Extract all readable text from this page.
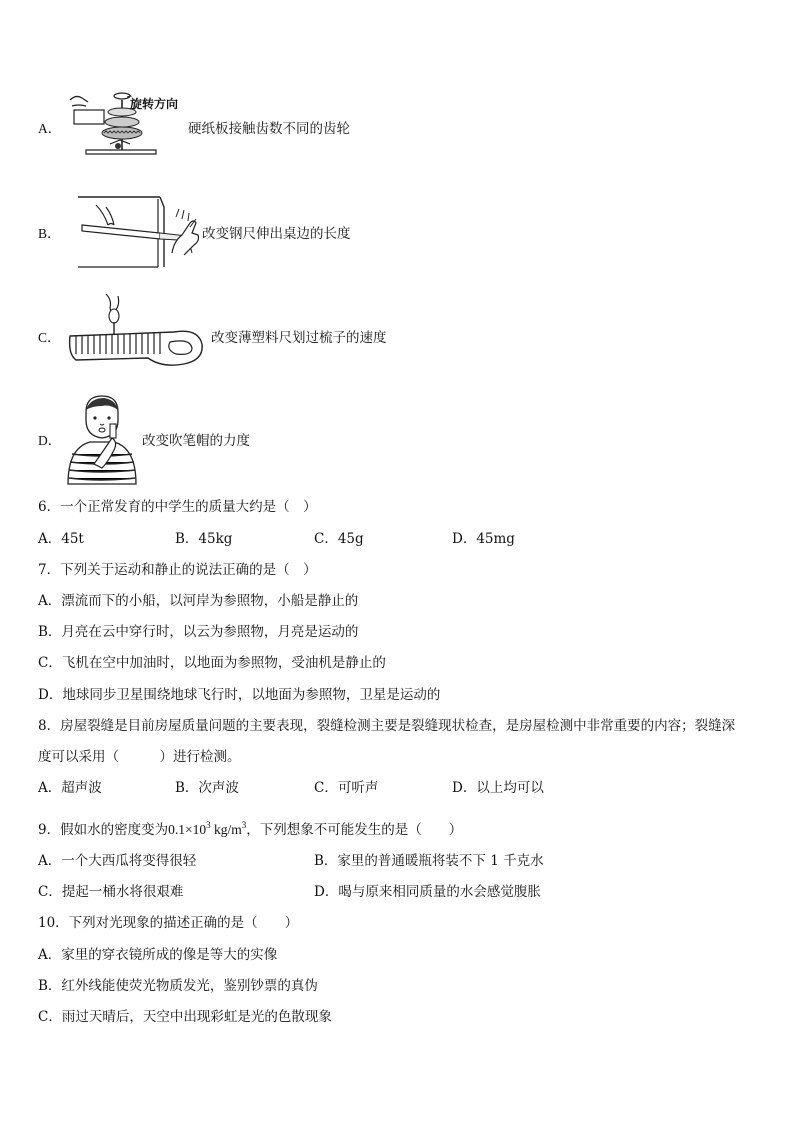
A．
旋转方向
硬纸板接触齿数不同的齿轮
B．	改变钢尺伸出桌边的长度
C．	改变薄塑料尺划过梳子的速度
D．	改变吹笔帽的力度
6．一个正常发育的中学生的质量大约是（　）
A．45t	B．45kg	C．45g	D．45mg
7．下列关于运动和静止的说法正确的是（　）
A．漂流而下的小船，以河岸为参照物，小船是静止的
B．月亮在云中穿行时，以云为参照物，月亮是运动的
C．飞机在空中加油时，以地面为参照物，受油机是静止的
D．地球同步卫星围绕地球飞行时，以地面为参照物，卫星是运动的
8．房屋裂缝是目前房屋质量问题的主要表现，裂缝检测主要是裂缝现状检查，是房屋检测中非常重要的内容；裂缝深
度可以采用（　　　）进行检测。
A．超声波	B．次声波	C．可听声	D．以上均可以
9．假如水的密度变为$0.1\times 10^3$ $kg/m^3$，下列想象不可能发生的是（　　）
A．一个大西瓜将变得很轻	B．家里的普通暖瓶将装不下 1 千克水
C．提起一桶水将很艰难	D．喝与原来相同质量的水会感觉腹胀
10．下列对光现象的描述正确的是（　　）
A．家里的穿衣镜所成的像是等大的实像
B．红外线能使荧光物质发光，鉴别钞票的真伪
C．雨过天晴后，天空中出现彩虹是光的色散现象
